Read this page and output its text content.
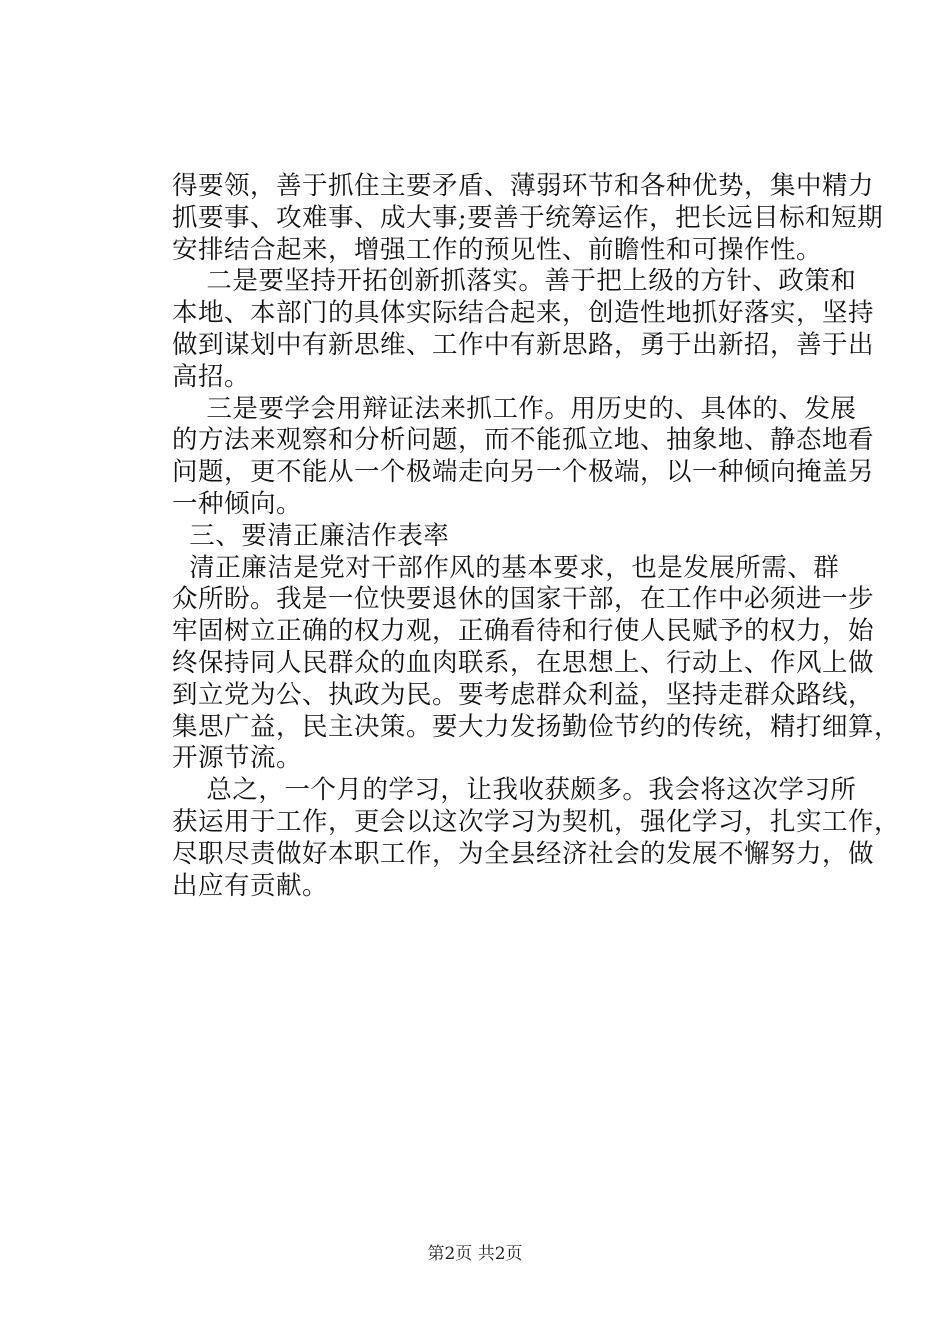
得要领，善于抓住主要矛盾、薄弱环节和各种优势，集中精力
抓要事、攻难事、成大事;要善于统筹运作，把长远目标和短期
安排结合起来，增强工作的预见性、前瞻性和可操作性。
二是要坚持开拓创新抓落实。善于把上级的方针、政策和
本地、本部门的具体实际结合起来，创造性地抓好落实，坚持
做到谋划中有新思维、工作中有新思路，勇于出新招，善于出
高招。
三是要学会用辩证法来抓工作。用历史的、具体的、发展
的方法来观察和分析问题，而不能孤立地、抽象地、静态地看
问题，更不能从一个极端走向另一个极端，以一种倾向掩盖另
一种倾向。
三、要清正廉洁作表率
清正廉洁是党对干部作风的基本要求，也是发展所需、群
众所盼。我是一位快要退休的国家干部，在工作中必须进一步
牢固树立正确的权力观，正确看待和行使人民赋予的权力，始
终保持同人民群众的血肉联系，在思想上、行动上、作风上做
到立党为公、执政为民。要考虑群众利益，坚持走群众路线，
集思广益，民主决策。要大力发扬勤俭节约的传统，精打细算，
开源节流。
总之，一个月的学习，让我收获颇多。我会将这次学习所
获运用于工作，更会以这次学习为契机，强化学习，扎实工作，
尽职尽责做好本职工作，为全县经济社会的发展不懈努力，做
出应有贡献。
第2页 共2页
